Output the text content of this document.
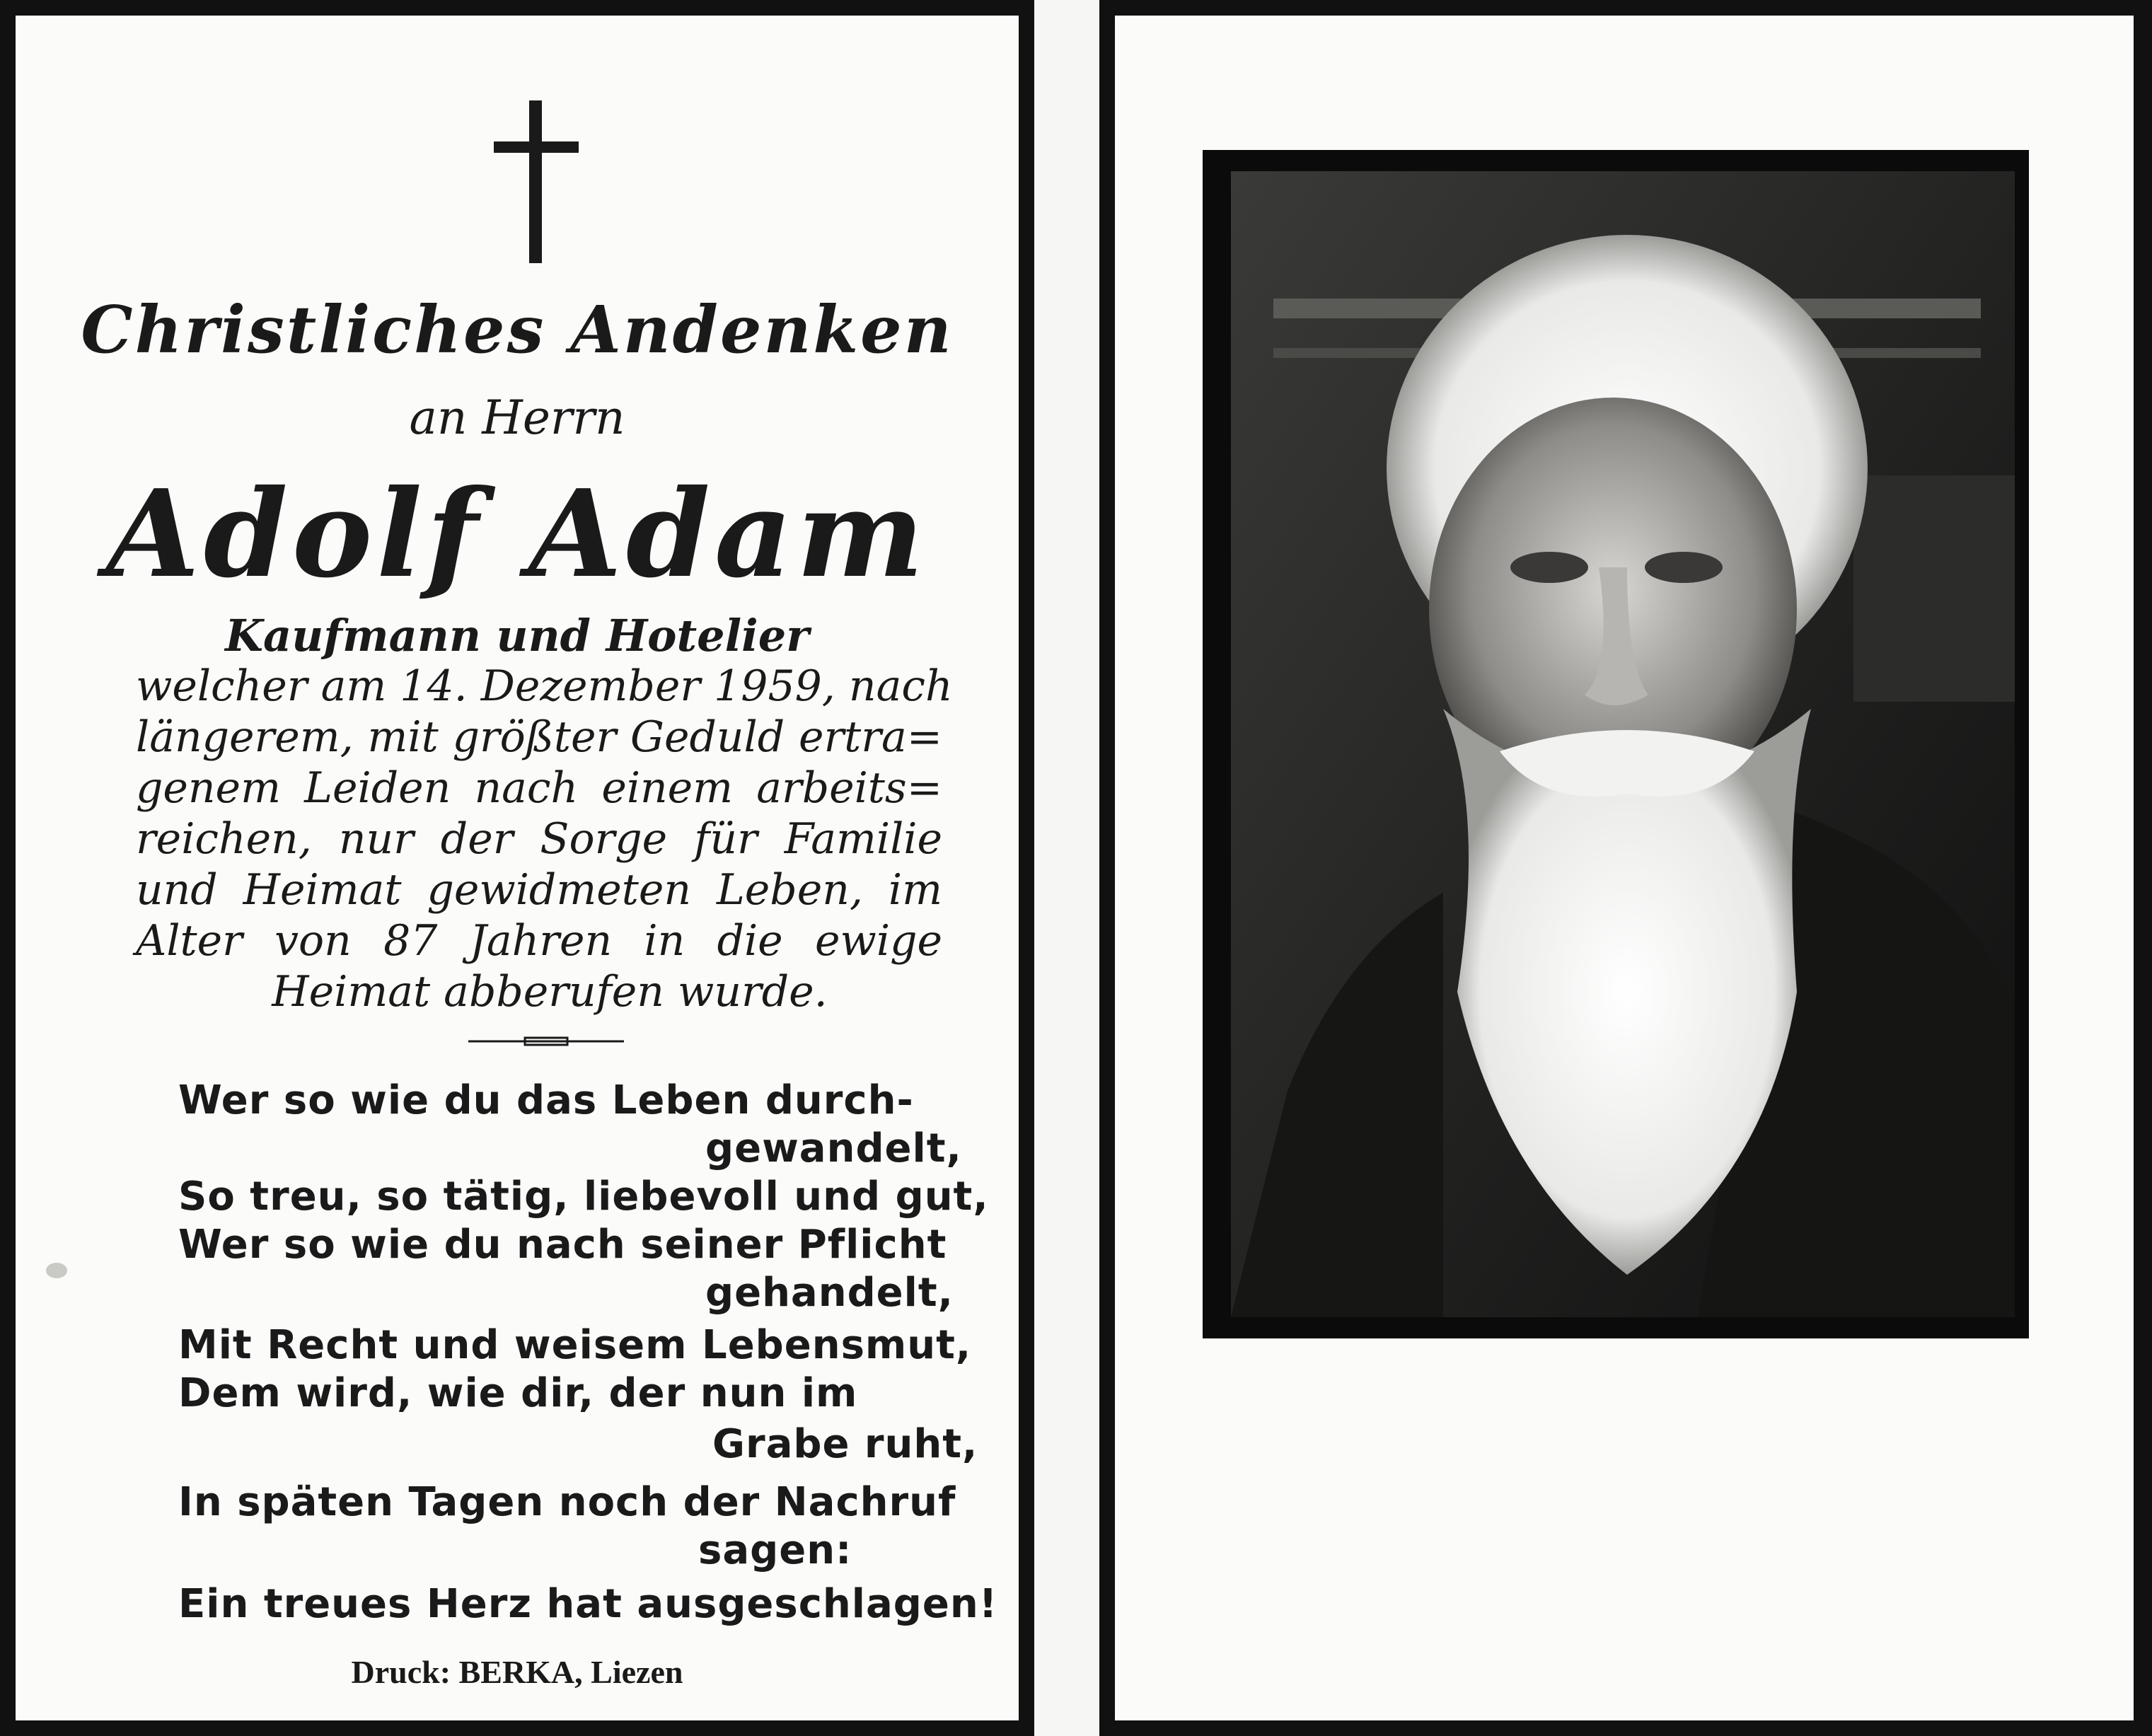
Christliches Andenken
an Herrn
Adolf Adam
Kaufmann und Hotelier
welcher am 14. Dezember 1959, nach
längerem, mit größter Geduld ertra=
genem Leiden nach einem arbeits=
reichen, nur der Sorge für Familie
und Heimat gewidmeten Leben, im
Alter von 87 Jahren in die ewige
Heimat abberufen wurde.
Wer so wie du das Leben durch-
gewandelt,
So treu, so tätig, liebevoll und gut,
Wer so wie du nach seiner Pflicht
gehandelt,
Mit Recht und weisem Lebensmut,
Dem wird, wie dir, der nun im
Grabe ruht,
In späten Tagen noch der Nachruf
sagen:
Ein treues Herz hat ausgeschlagen!
Druck: BERKA, Liezen
